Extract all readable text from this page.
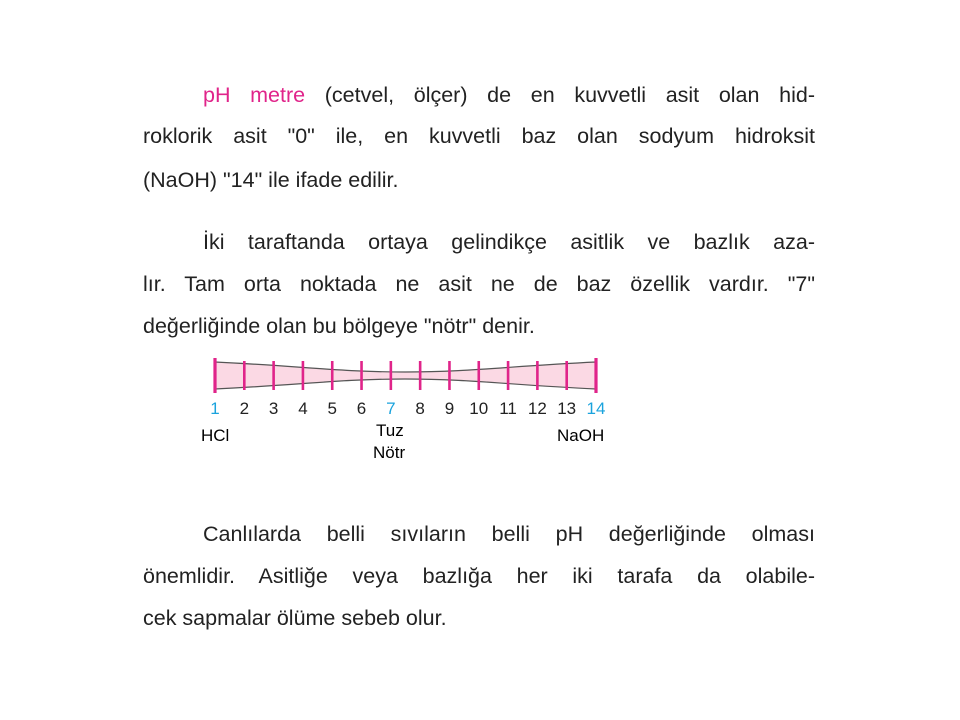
pH metre (cetvel, ölçer) de en kuvvetli asit olan hid-

roklorik asit "0" ile, en kuvvetli baz olan sodyum hidroksit

(NaOH) "14" ile ifade edilir.

İki taraftanda ortaya gelindikçe asitlik ve bazlık aza-

lır. Tam orta noktada ne asit ne de baz özellik vardır. "7"

değerliğinde olan bu bölgeye "nötr" denir.

1 2 3 4 5 6 7 8 9 10 11 12 13 14
HCl	Tuz
Nötr
NaOH

Canlılarda belli sıvıların belli pH değerliğinde olması

önemlidir. Asitliğe veya bazlığa her iki tarafa da olabile-

cek sapmalar ölüme sebeb olur.
